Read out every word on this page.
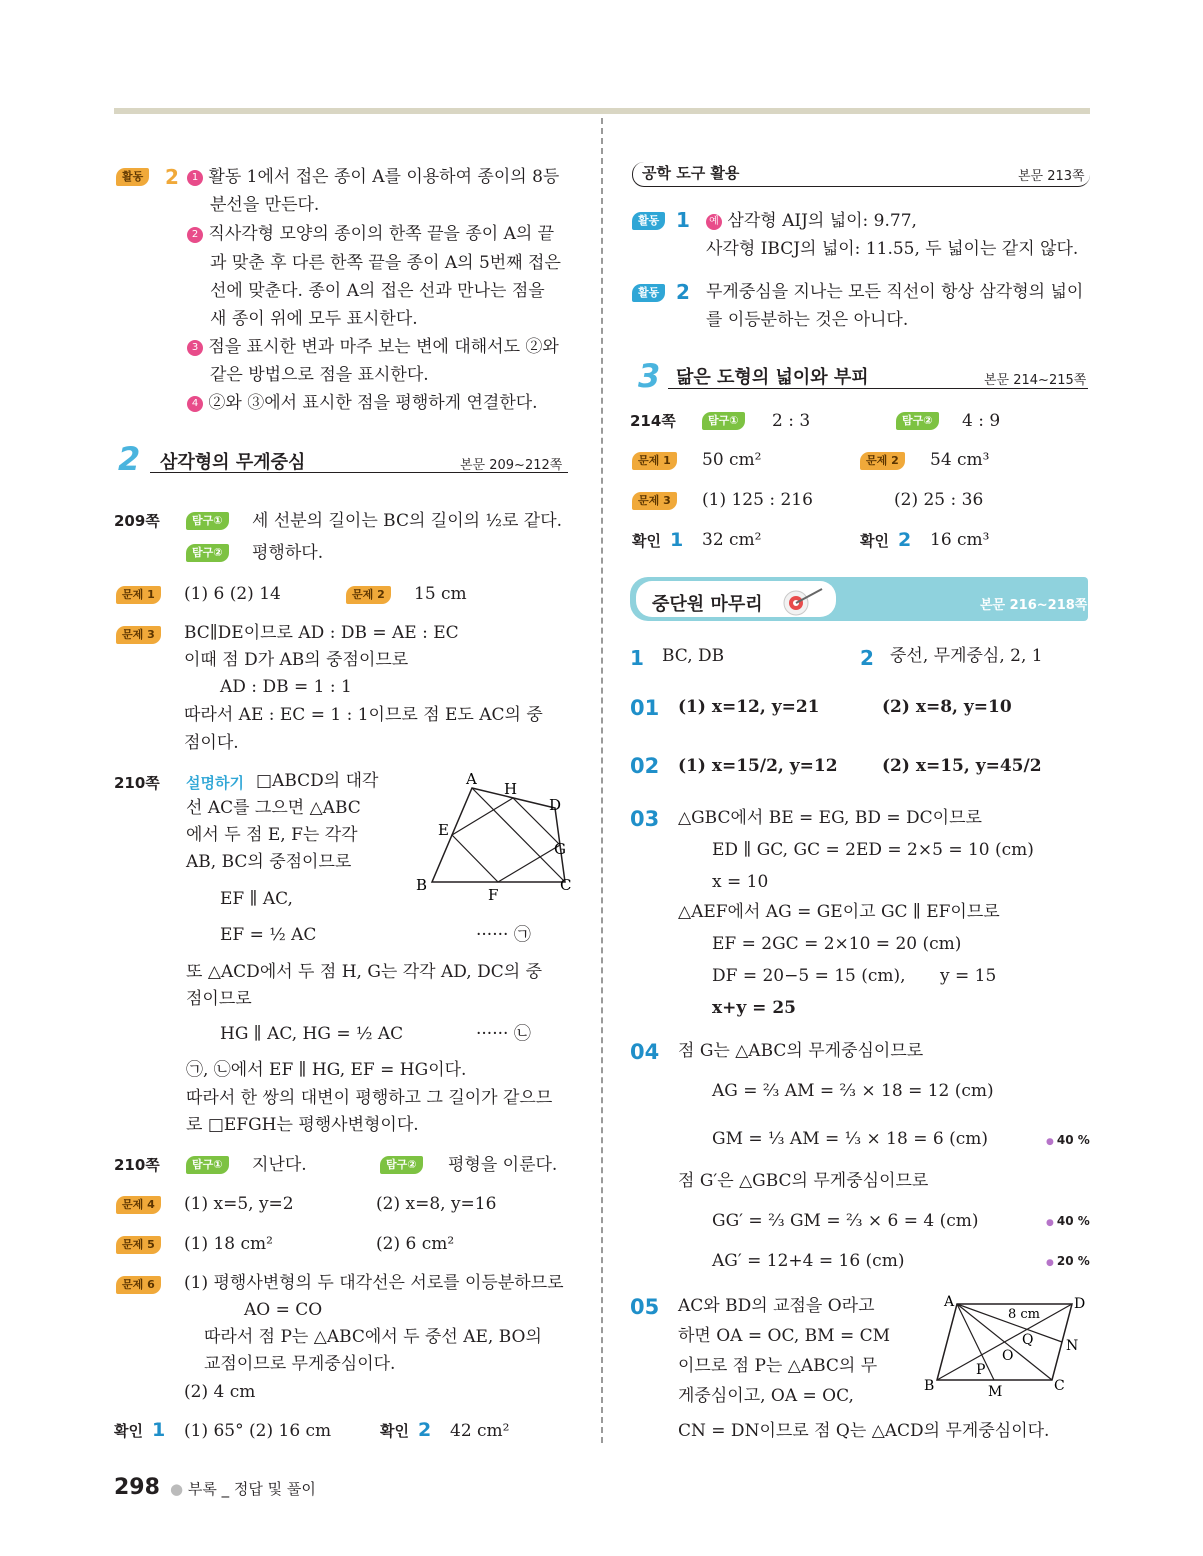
활동	2	1 활동 1에서 접은 종이 A를 이용하여 종이의 8등
분선을 만든다.
2 직사각형 모양의 종이의 한쪽 끝을 종이 A의 끝
과 맞춘 후 다른 한쪽 끝을 종이 A의 5번째 접은
선에 맞춘다. 종이 A의 접은 선과 만나는 점을
새 종이 위에 모두 표시한다.
3 점을 표시한 변과 마주 보는 변에 대해서도 ②와
같은 방법으로 점을 표시한다.
4 ②와 ③에서 표시한 점을 평행하게 연결한다.
2 삼각형의 무게중심	본문 209~212쪽
209쪽	탐구①	세 선분의 길이는 BC의 길이의 ½로 같다.
탐구②	평행하다.
문제 1	(1) 6 (2) 14	문제 2	15 cm
문제 3	BC∥DE이므로 AD : DB = AE : EC
이때 점 D가 AB의 중점이므로
AD : DB = 1 : 1
따라서 AE : EC = 1 : 1이므로 점 E도 AC의 중
점이다.
210쪽 설명하기 □ABCD의 대각
선 AC를 그으면 △ABC
에서 두 점 E, F는 각각
AB, BC의 중점이므로
EF ∥ AC,
EF = ½ AC	······ ㉠
또 △ACD에서 두 점 H, G는 각각 AD, DC의 중
점이므로
HG ∥ AC, HG = ½ AC	······ ㉡
㉠, ㉡에서 EF ∥ HG, EF = HG이다.
따라서 한 쌍의 대변이 평행하고 그 길이가 같으므
로 □EFGH는 평행사변형이다.
A
H
D
E
G
B
F
C
210쪽	탐구①	지난다.	탐구②	평형을 이룬다.
문제 4	(1) x=5, y=2	(2) x=8, y=16
문제 5	(1) 18 cm²	(2) 6 cm²
문제 6	(1) 평행사변형의 두 대각선은 서로를 이등분하므로
AO = CO
따라서 점 P는 △ABC에서 두 중선 AE, BO의
교점이므로 무게중심이다.
(2) 4 cm
확인 1 (1) 65° (2) 16 cm	확인 2 42 cm²
공학 도구 활용	본문 213쪽
활동 1	예 삼각형 AIJ의 넓이: 9.77,
사각형 IBCJ의 넓이: 11.55, 두 넓이는 같지 않다.
활동 2 무게중심을 지나는 모든 직선이 항상 삼각형의 넓이
를 이등분하는 것은 아니다.
3 닮은 도형의 넓이와 부피	본문 214~215쪽
214쪽	탐구①	2 : 3	탐구②	4 : 9
문제 1	50 cm²	문제 2	54 cm³
문제 3	(1) 125 : 216	(2) 25 : 36
확인 1 32 cm²	확인 2 16 cm³
중단원 마무리	본문 216~218쪽
1 BC, DB	2 중선, 무게중심, 2, 1
01 (1) x=12, y=21	(2) x=8, y=10
02 (1) x=15/2, y=12	(2) x=15, y=45/2
03 △GBC에서 BE = EG, BD = DC이므로
ED ∥ GC, GC = 2ED = 2×5 = 10 (cm)
x = 10
△AEF에서 AG = GE이고 GC ∥ EF이므로
EF = 2GC = 2×10 = 20 (cm)
DF = 20−5 = 15 (cm), y = 15
x+y = 25
04 점 G는 △ABC의 무게중심이므로
AG = ⅔ AM = ⅔ × 18 = 12 (cm)
GM = ⅓ AM = ⅓ × 18 = 6 (cm)	● 40 %
점 G′은 △GBC의 무게중심이므로
GG′ = ⅔ GM = ⅔ × 6 = 4 (cm)	● 40 %
AG′ = 12+4 = 16 (cm)	● 20 %
05 AC와 BD의 교점을 O라고
하면 OA = OC, BM = CM
이므로 점 P는 △ABC의 무
게중심이고, OA = OC,
CN = DN이므로 점 Q는 △ACD의 무게중심이다.
A	D
8 cm
O
Q N
P
B	M	C
298 ● 부록 _ 정답 및 풀이
